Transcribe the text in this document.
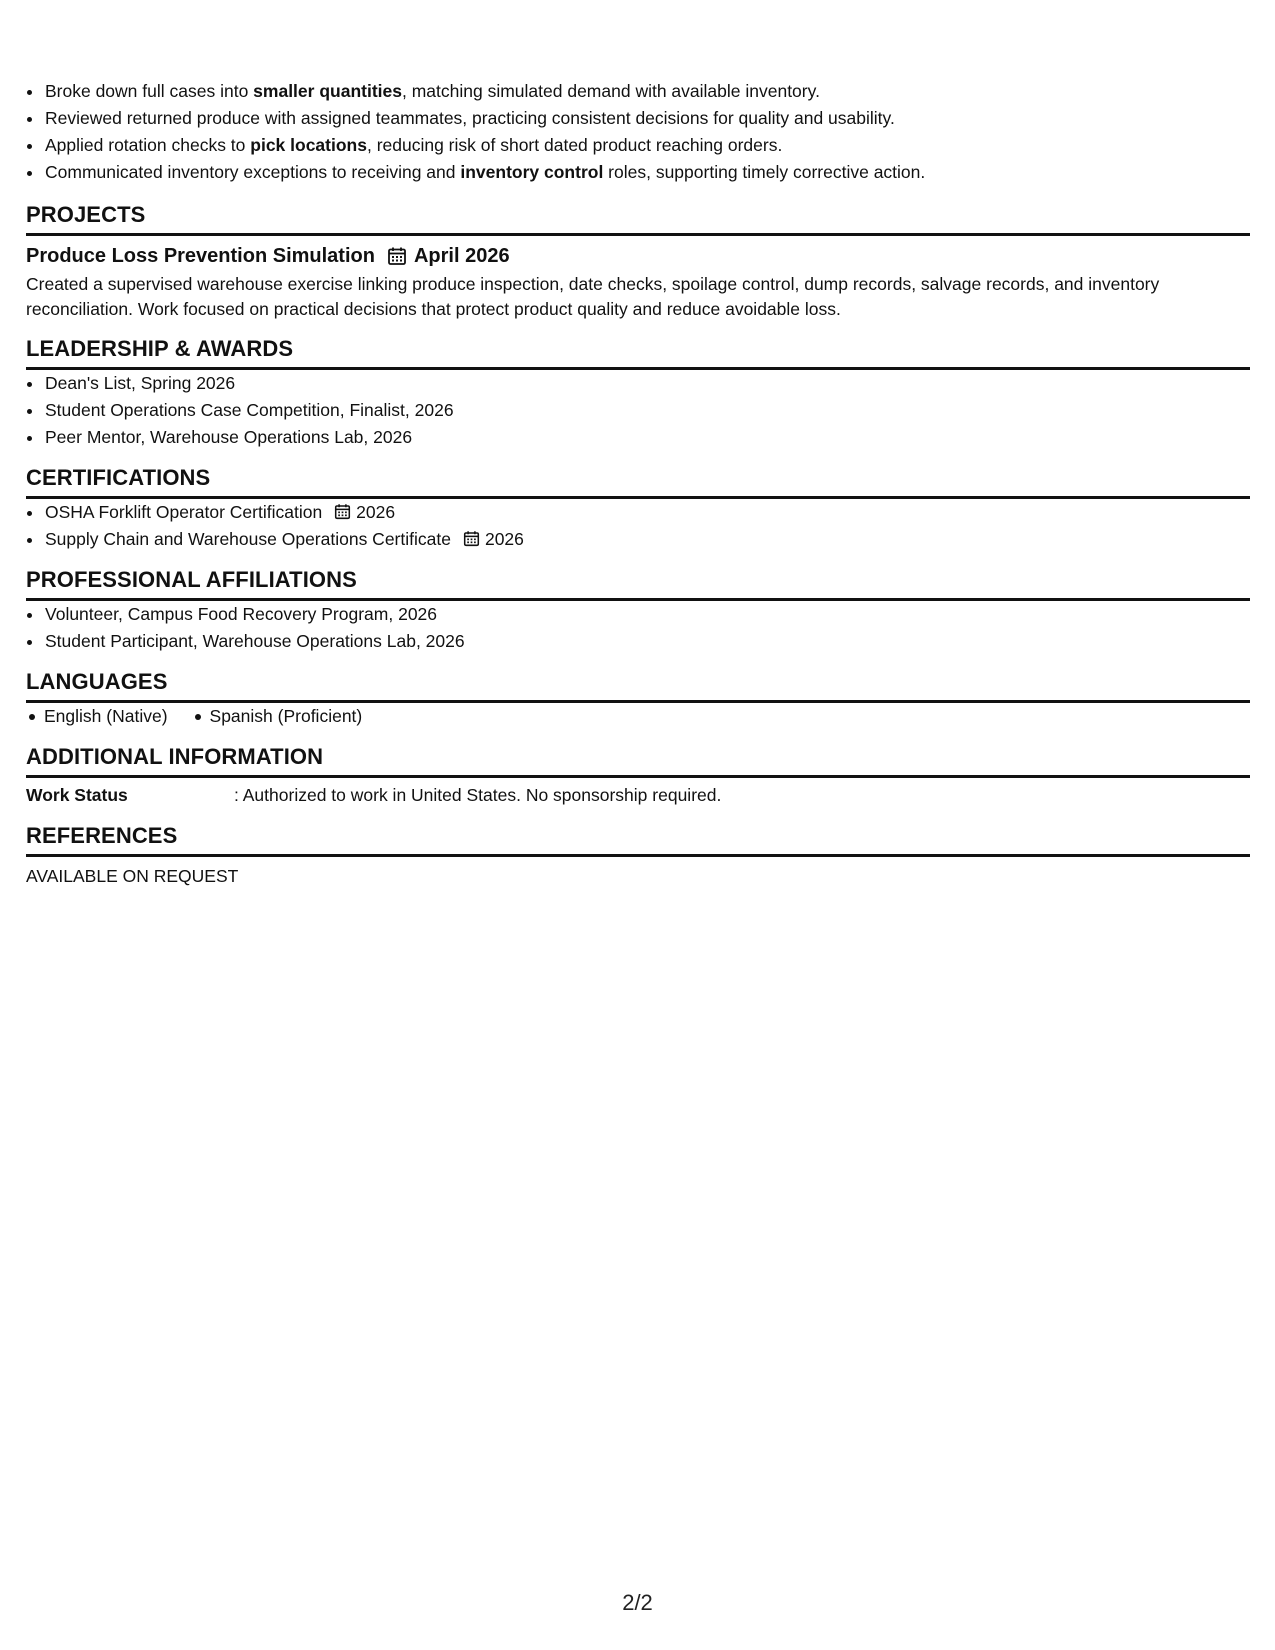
• Broke down full cases into smaller quantities, matching simulated demand with available inventory.
• Reviewed returned produce with assigned teammates, practicing consistent decisions for quality and usability.
• Applied rotation checks to pick locations, reducing risk of short dated product reaching orders.
• Communicated inventory exceptions to receiving and inventory control roles, supporting timely corrective action.
PROJECTS
Produce Loss Prevention Simulation April 2026
Created a supervised warehouse exercise linking produce inspection, date checks, spoilage control, dump records, salvage records, and inventory reconciliation. Work focused on practical decisions that protect product quality and reduce avoidable loss.
LEADERSHIP & AWARDS
• Dean's List, Spring 2026
• Student Operations Case Competition, Finalist, 2026
• Peer Mentor, Warehouse Operations Lab, 2026
CERTIFICATIONS
• OSHA Forklift Operator Certification 2026
• Supply Chain and Warehouse Operations Certificate 2026
PROFESSIONAL AFFILIATIONS
• Volunteer, Campus Food Recovery Program, 2026
• Student Participant, Warehouse Operations Lab, 2026
LANGUAGES
English (Native)	Spanish (Proficient)
ADDITIONAL INFORMATION
Work Status	: Authorized to work in United States. No sponsorship required.
REFERENCES
AVAILABLE ON REQUEST
2/2
